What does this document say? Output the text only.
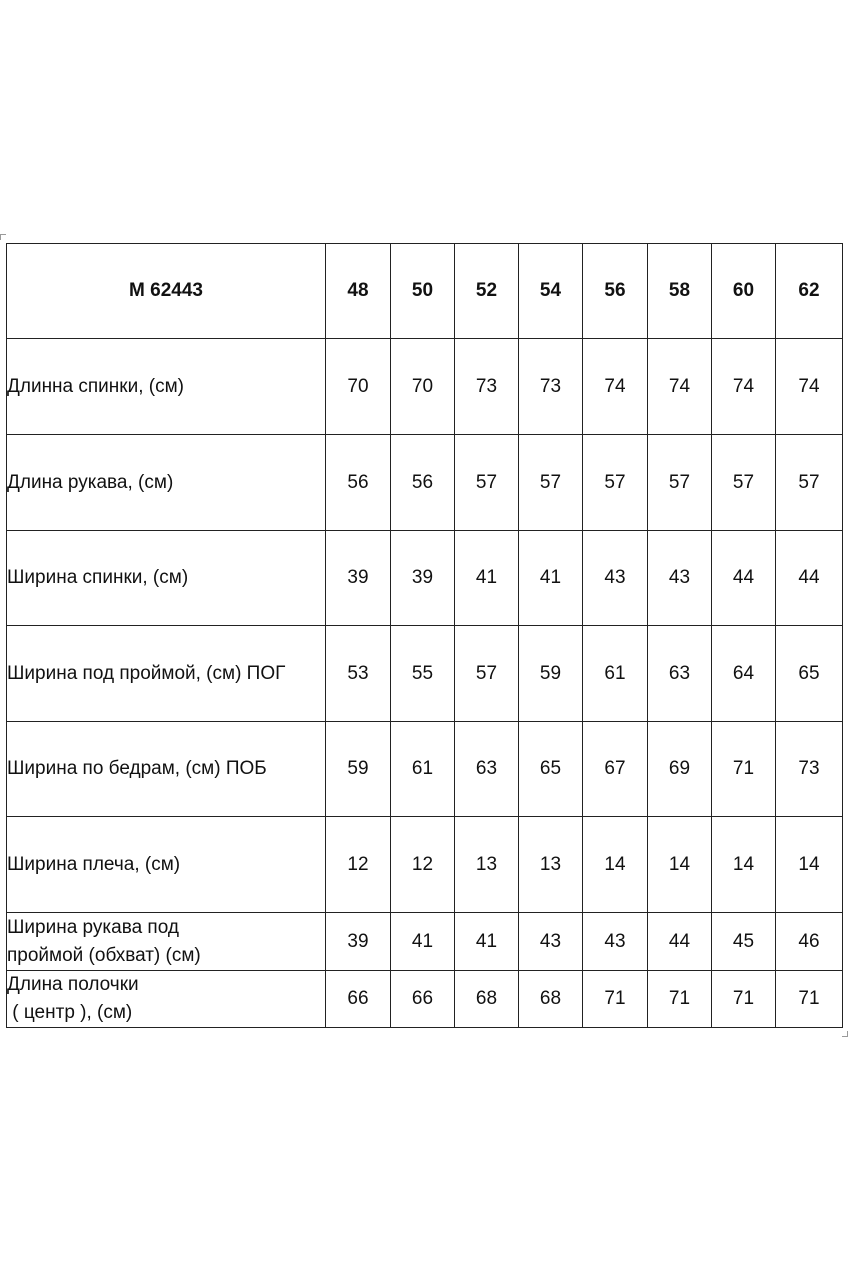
M 62443	48	50	52	54	56	58	60	62
Длинна спинки, (см)	70	70	73	73	74	74	74	74
Длина рукава, (см)	56	56	57	57	57	57	57	57
Ширина спинки, (см)	39	39	41	41	43	43	44	44
Ширина под проймой, (см) ПОГ	53	55	57	59	61	63	64	65
Ширина по бедрам, (см) ПОБ	59	61	63	65	67	69	71	73
Ширина плеча, (см)	12	12	13	13	14	14	14	14

Ширина рукава под
проймой (обхват) (см)	39	41	41	43	43	44	45	46

Длина полочки
( центр ), (см)	66	66	68	68	71	71	71	71
